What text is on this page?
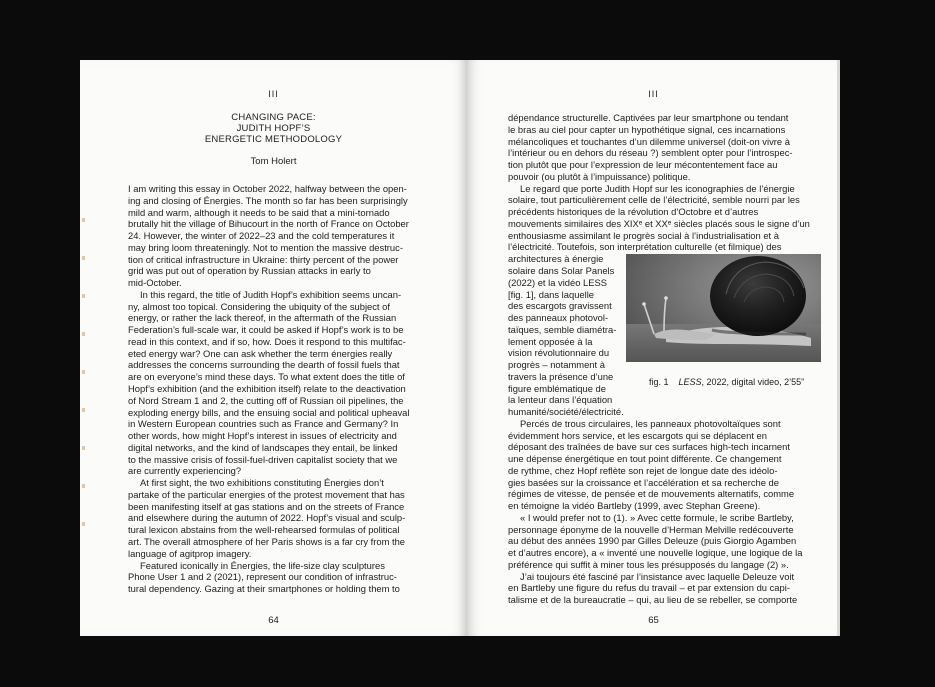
III
CHANGING PACE:
JUDITH HOPF’S
ENERGETIC METHODOLOGY
Tom Holert
I am writing this essay in October 2022, halfway between the open-
ing and closing of Énergies. The month so far has been surprisingly
mild and warm, although it needs to be said that a mini-tornado
brutally hit the village of Bihucourt in the north of France on October
24. However, the winter of 2022–23 and the cold temperatures it
may bring loom threateningly. Not to mention the massive destruc-
tion of critical infrastructure in Ukraine: thirty percent of the power
grid was put out of operation by Russian attacks in early to
mid-October.
In this regard, the title of Judith Hopf’s exhibition seems uncan-
ny, almost too topical. Considering the ubiquity of the subject of
energy, or rather the lack thereof, in the aftermath of the Russian
Federation’s full-scale war, it could be asked if Hopf’s work is to be
read in this context, and if so, how. Does it respond to this multifac-
eted energy war? One can ask whether the term énergies really
addresses the concerns surrounding the dearth of fossil fuels that
are on everyone’s mind these days. To what extent does the title of
Hopf’s exhibition (and the exhibition itself) relate to the deactivation
of Nord Stream 1 and 2, the cutting off of Russian oil pipelines, the
exploding energy bills, and the ensuing social and political upheaval
in Western European countries such as France and Germany? In
other words, how might Hopf’s interest in issues of electricity and
digital networks, and the kind of landscapes they entail, be linked
to the massive crisis of fossil-fuel-driven capitalist society that we
are currently experiencing?
At first sight, the two exhibitions constituting Énergies don’t
partake of the particular energies of the protest movement that has
been manifesting itself at gas stations and on the streets of France
and elsewhere during the autumn of 2022. Hopf’s visual and sculp-
tural lexicon abstains from the well-rehearsed formulas of political
art. The overall atmosphere of her Paris shows is a far cry from the
language of agitprop imagery.
Featured iconically in Énergies, the life-size clay sculptures
Phone User 1 and 2 (2021), represent our condition of infrastruc-
tural dependency. Gazing at their smartphones or holding them to
64
III
dépendance structurelle. Captivées par leur smartphone ou tendant
le bras au ciel pour capter un hypothétique signal, ces incarnations
mélancoliques et touchantes d’un dilemme universel (doit-on vivre à
l’intérieur ou en dehors du réseau ?) semblent opter pour l’introspec-
tion plutôt que pour l’expression de leur mécontentement face au
pouvoir (ou plutôt à l’impuissance) politique.
Le regard que porte Judith Hopf sur les iconographies de l’énergie
solaire, tout particulièrement celle de l’électricité, semble nourri par les
précédents historiques de la révolution d’Octobre et d’autres
mouvements similaires des XIXᵉ et XXᵉ siècles placés sous le signe d’un
enthousiasme assimilant le progrès social à l’industrialisation et à
l’électricité. Toutefois, son interprétation culturelle (et filmique) des
architectures à énergie
solaire dans Solar Panels
(2022) et la vidéo LESS
[fig. 1], dans laquelle
des escargots gravissent
des panneaux photovol-
taïques, semble diamétra-
lement opposée à la
vision révolutionnaire du
progrès – notamment à
travers la présence d’une
figure emblématique de
la lenteur dans l’équation
fig. 1 LESS, 2022, digital video, 2’55”
humanité/société/électricité.
Percés de trous circulaires, les panneaux photovoltaïques sont
évidemment hors service, et les escargots qui se déplacent en
déposant des traînées de bave sur ces surfaces high-tech incarnent
une dépense énergétique en tout point différente. Ce changement
de rythme, chez Hopf reflète son rejet de longue date des idéolo-
gies basées sur la croissance et l’accélération et sa recherche de
régimes de vitesse, de pensée et de mouvements alternatifs, comme
en témoigne la vidéo Bartleby (1999, avec Stephan Greene).
« I would prefer not to (1). » Avec cette formule, le scribe Bartleby,
personnage éponyme de la nouvelle d’Herman Melville redécouverte
au début des années 1990 par Gilles Deleuze (puis Giorgio Agamben
et d’autres encore), a « inventé une nouvelle logique, une logique de la
préférence qui suffit à miner tous les présupposés du langage (2) ».
J’ai toujours été fasciné par l’insistance avec laquelle Deleuze voit
en Bartleby une figure du refus du travail – et par extension du capi-
talisme et de la bureaucratie – qui, au lieu de se rebeller, se comporte
65
